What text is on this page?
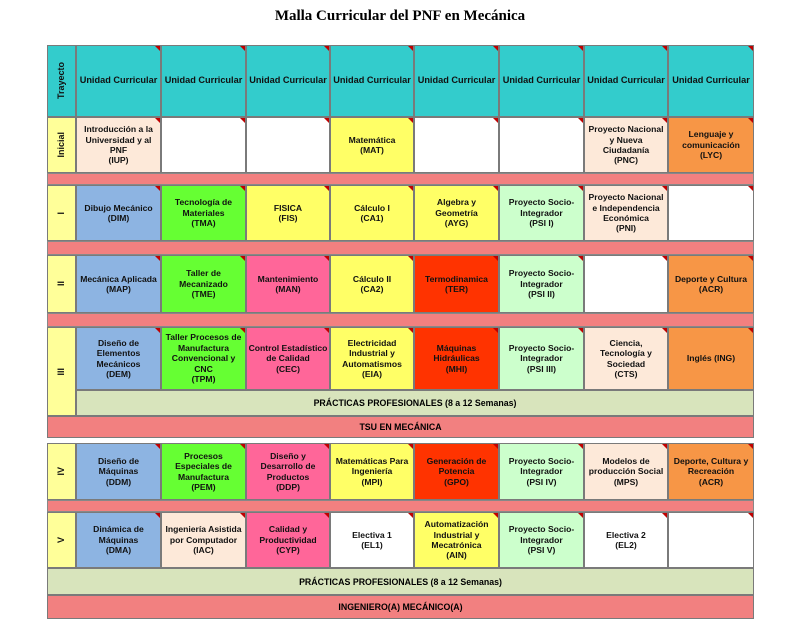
Malla Curricular del PNF en Mecánica
Trayecto	Unidad Curricular Unidad Curricular Unidad Curricular Unidad Curricular Unidad Curricular Unidad Curricular Unidad Curricular Unidad Curricular
Inicial
Introducción a la Universidad y al PNF
(IUP)
Matemática
(MAT)
Proyecto Nacional y Nueva Ciudadanía
(PNC)
Lenguaje y comunicación
(LYC)
I
Dibujo Mecánico
(DIM)
Tecnología de Materiales
(TMA)
FISICA
(FIS)
Cálculo I
(CA1)
Algebra y Geometría
(AYG)
Proyecto Socio-Integrador
(PSI I)
Proyecto Nacional e Independencia Económica
(PNI)
II
Mecánica Aplicada
(MAP)
Taller de Mecanizado
(TME)
Mantenimiento
(MAN)
Cálculo II
(CA2)
Termodinamica
(TER)
Proyecto Socio-Integrador
(PSI II)
Deporte y Cultura
(ACR)
III
Diseño de Elementos Mecánicos
(DEM)
Taller Procesos de Manufactura Convencional y CNC
(TPM)
Control Estadístico de Calidad
(CEC)
Electricidad Industrial y Automatismos
(EIA)
Máquinas Hidráulicas
(MHI)
Proyecto Socio-Integrador
(PSI III)
Ciencia, Tecnología y Sociedad
(CTS)
Inglés (ING)
PRÁCTICAS PROFESIONALES (8 a 12 Semanas)
TSU EN MECÁNICA
IV
Diseño de Máquinas
(DDM)
Procesos Especiales de Manufactura
(PEM)
Diseño y Desarrollo de Productos
(DDP)
Matemáticas Para Ingeniería
(MPI)
Generación de Potencia
(GPO)
Proyecto Socio-Integrador
(PSI IV)
Modelos de producción Social
(MPS)
Deporte, Cultura y Recreación
(ACR)
V
Dinámica de Máquinas
(DMA)
Ingeniería Asistida por Computador
(IAC)
Calidad y Productividad
(CYP)
Electiva 1
(EL1)
Automatización Industrial y Mecatrónica
(AIN)
Proyecto Socio-Integrador
(PSI V)
Electiva 2
(EL2)
PRÁCTICAS PROFESIONALES (8 a 12 Semanas)
INGENIERO(A) MECÁNICO(A)
